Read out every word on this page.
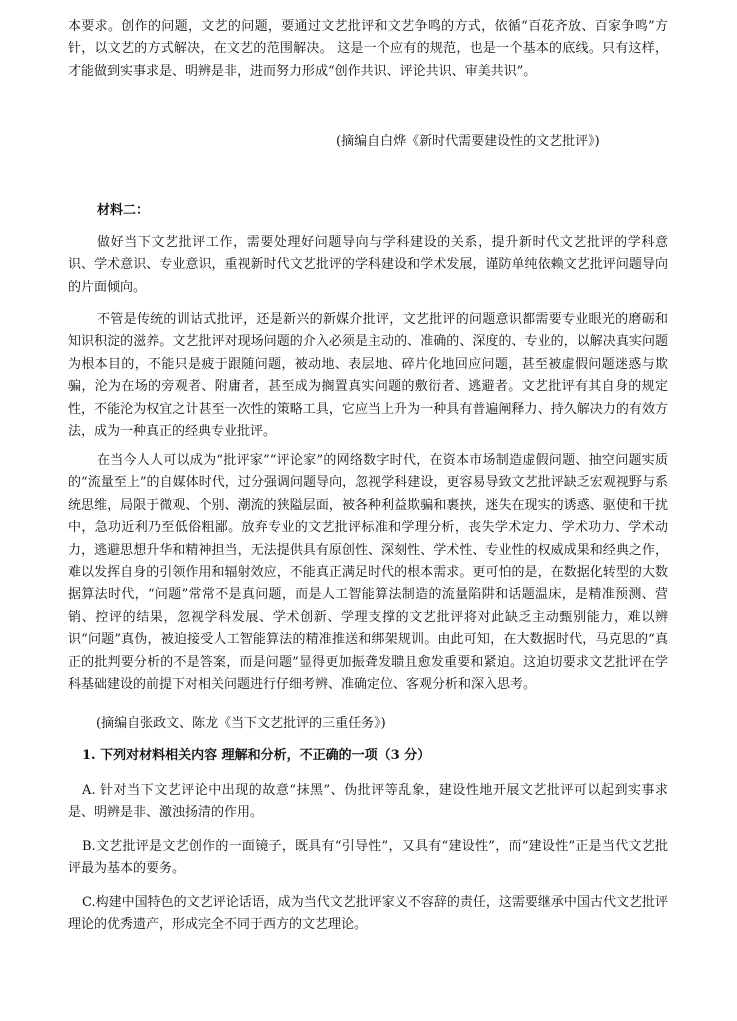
本要求。创作的问题，文艺的问题，要通过文艺批评和文艺争鸣的方式，依循“百花齐放、百家争鸣”方针，以文艺的方式解决，在文艺的范围解决。 这是一个应有的规范，也是一个基本的底线。只有这样，才能做到实事求是、明辨是非，进而努力形成“创作共识、评论共识、审美共识”。

(摘编自白烨《新时代需要建设性的文艺批评》)

材料二：

做好当下文艺批评工作，需要处理好问题导向与学科建设的关系，提升新时代文艺批评的学科意识、学术意识、专业意识，重视新时代文艺批评的学科建设和学术发展，谨防单纯依赖文艺批评问题导向的片面倾向。

不管是传统的训诂式批评，还是新兴的新媒介批评，文艺批评的问题意识都需要专业眼光的磨砺和知识积淀的滋养。文艺批评对现场问题的介入必须是主动的、准确的、深度的、专业的，以解决真实问题为根本目的，不能只是疲于跟随问题，被动地、表层地、碎片化地回应问题，甚至被虚假问题迷惑与欺骗，沦为在场的旁观者、附庸者，甚至成为搁置真实问题的敷衍者、逃避者。文艺批评有其自身的规定性，不能沦为权宜之计甚至一次性的策略工具，它应当上升为一种具有普遍阐释力、持久解决力的有效方法，成为一种真正的经典专业批评。

在当今人人可以成为“批评家”“评论家”的网络数字时代，在资本市场制造虚假问题、抽空问题实质的“流量至上”的自媒体时代，过分强调问题导向，忽视学科建设，更容易导致文艺批评缺乏宏观视野与系统思维，局限于微观、个别、潮流的狭隘层面，被各种利益欺骗和裹挟，迷失在现实的诱惑、驱使和干扰中，急功近利乃至低俗粗鄙。放弃专业的文艺批评标准和学理分析，丧失学术定力、学术功力、学术动力，逃避思想升华和精神担当，无法提供具有原创性、深刻性、学术性、专业性的权威成果和经典之作，难以发挥自身的引领作用和辐射效应，不能真正满足时代的根本需求。更可怕的是，在数据化转型的大数据算法时代，“问题”常常不是真问题，而是人工智能算法制造的流量陷阱和话题温床，是精准预测、营销、控评的结果，忽视学科发展、学术创新、学理支撑的文艺批评将对此缺乏主动甄别能力，难以辨识“问题”真伪，被迫接受人工智能算法的精准推送和绑架规训。由此可知，在大数据时代，马克思的“真正的批判要分析的不是答案，而是问题”显得更加振聋发聩且愈发重要和紧迫。这迫切要求文艺批评在学科基础建设的前提下对相关问题进行仔细考辨、准确定位、客观分析和深入思考。

(摘编自张政文、陈龙《当下文艺批评的三重任务》)

1. 下列对材料相关内容 理解和分析，不正确的一项（3 分）

A. 针对当下文艺评论中出现的故意“抹黑”、伪批评等乱象，建设性地开展文艺批评可以起到实事求是、明辨是非、激浊扬清的作用。

B.文艺批评是文艺创作的一面镜子，既具有“引导性”，又具有“建设性”，而“建设性”正是当代文艺批评最为基本的要务。

C.构建中国特色的文艺评论话语，成为当代文艺批评家义不容辞的责任，这需要继承中国古代文艺批评理论的优秀遗产，形成完全不同于西方的文艺理论。
